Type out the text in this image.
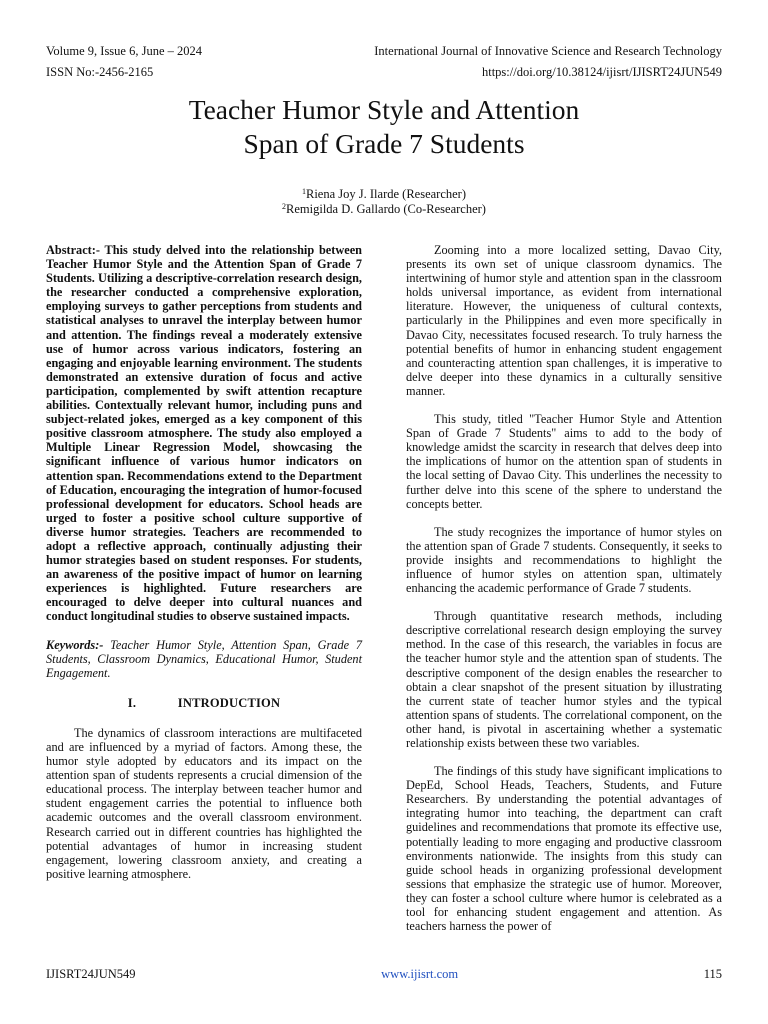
Volume 9, Issue 6, June – 2024	International Journal of Innovative Science and Research Technology
ISSN No:-2456-2165	https://doi.org/10.38124/ijisrt/IJISRT24JUN549
Teacher Humor Style and Attention
Span of Grade 7 Students
$^1$Riena Joy J. Ilarde (Researcher)
$^2$Remigilda D. Gallardo (Co-Researcher)

Abstract:- This study delved into the relationship between Teacher Humor Style and the Attention Span of Grade 7 Students. Utilizing a descriptive-correlation research design, the researcher conducted a comprehensive exploration, employing surveys to gather perceptions from students and statistical analyses to unravel the interplay between humor and attention. The findings reveal a moderately extensive use of humor across various indicators, fostering an engaging and enjoyable learning environment. The students demonstrated an extensive duration of focus and active participation, complemented by swift attention recapture abilities. Contextually relevant humor, including puns and subject-related jokes, emerged as a key component of this positive classroom atmosphere. The study also employed a Multiple Linear Regression Model, showcasing the significant influence of various humor indicators on attention span. Recommendations extend to the Department of Education, encouraging the integration of humor-focused professional development for educators. School heads are urged to foster a positive school culture supportive of diverse humor strategies. Teachers are recommended to adopt a reflective approach, continually adjusting their humor strategies based on student responses. For students, an awareness of the positive impact of humor on learning experiences is highlighted. Future researchers are encouraged to delve deeper into cultural nuances and conduct longitudinal studies to observe sustained impacts.

Keywords:- Teacher Humor Style, Attention Span, Grade 7 Students, Classroom Dynamics, Educational Humor, Student Engagement.

I.	INTRODUCTION

The dynamics of classroom interactions are multifaceted and are influenced by a myriad of factors. Among these, the humor style adopted by educators and its impact on the attention span of students represents a crucial dimension of the educational process. The interplay between teacher humor and student engagement carries the potential to influence both academic outcomes and the overall classroom environment. Research carried out in different countries has highlighted the potential advantages of humor in increasing student engagement, lowering classroom anxiety, and creating a positive learning atmosphere.

Zooming into a more localized setting, Davao City, presents its own set of unique classroom dynamics. The intertwining of humor style and attention span in the classroom holds universal importance, as evident from international literature. However, the uniqueness of cultural contexts, particularly in the Philippines and even more specifically in Davao City, necessitates focused research. To truly harness the potential benefits of humor in enhancing student engagement and counteracting attention span challenges, it is imperative to delve deeper into these dynamics in a culturally sensitive manner.

This study, titled "Teacher Humor Style and Attention Span of Grade 7 Students" aims to add to the body of knowledge amidst the scarcity in research that delves deep into the implications of humor on the attention span of students in the local setting of Davao City. This underlines the necessity to further delve into this scene of the sphere to understand the concepts better.

The study recognizes the importance of humor styles on the attention span of Grade 7 students. Consequently, it seeks to provide insights and recommendations to highlight the influence of humor styles on attention span, ultimately enhancing the academic performance of Grade 7 students.

Through quantitative research methods, including descriptive correlational research design employing the survey method. In the case of this research, the variables in focus are the teacher humor style and the attention span of students. The descriptive component of the design enables the researcher to obtain a clear snapshot of the present situation by illustrating the current state of teacher humor styles and the typical attention spans of students. The correlational component, on the other hand, is pivotal in ascertaining whether a systematic relationship exists between these two variables.

The findings of this study have significant implications to DepEd, School Heads, Teachers, Students, and Future Researchers. By understanding the potential advantages of integrating humor into teaching, the department can craft guidelines and recommendations that promote its effective use, potentially leading to more engaging and productive classroom environments nationwide. The insights from this study can guide school heads in organizing professional development sessions that emphasize the strategic use of humor. Moreover, they can foster a school culture where humor is celebrated as a tool for enhancing student engagement and attention. As teachers harness the power of

IJISRT24JUN549	www.ijisrt.com	115
